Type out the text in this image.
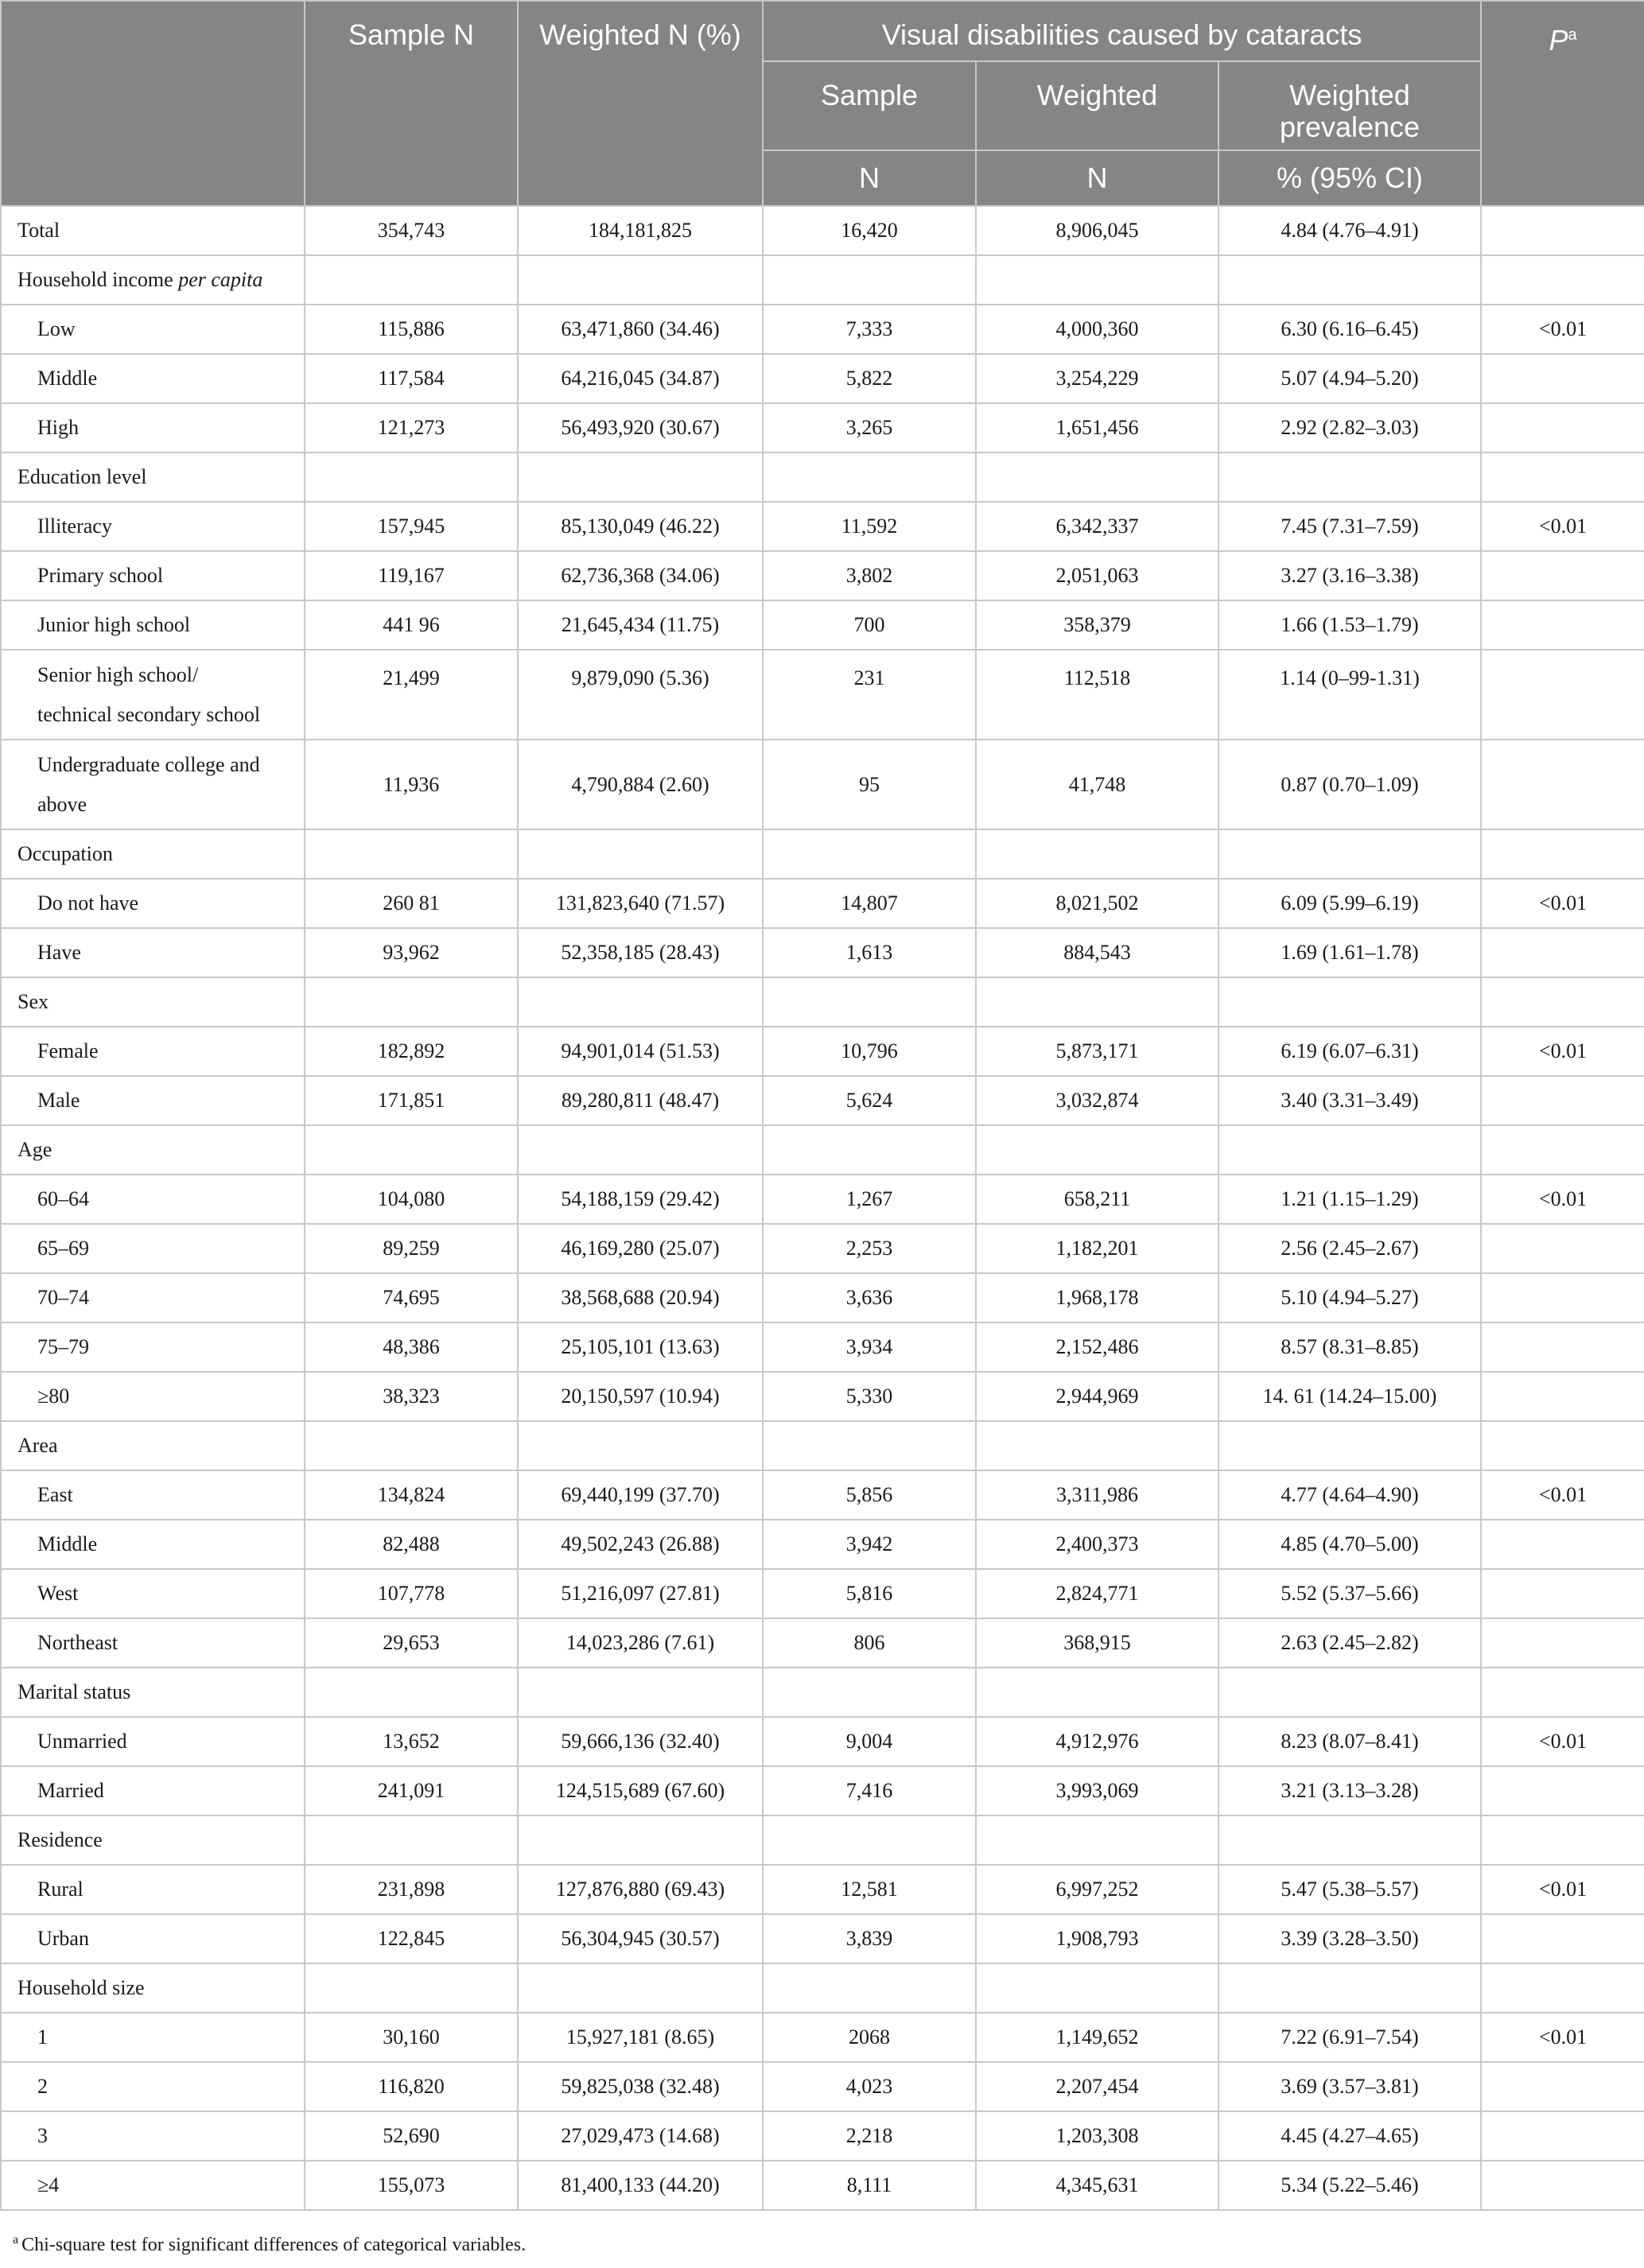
	Sample N	Weighted N (%)	Visual disabilities caused by cataracts			$P^a$
			Sample	Weighted	Weighted prevalence	
			N	N	% (95% CI)	
Total	354,743	184,181,825	16,420	8,906,045	4.84 (4.76–4.91)	
Household income per capita						
Low	115,886	63,471,860 (34.46)	7,333	4,000,360	6.30 (6.16–6.45)	<0.01
Middle	117,584	64,216,045 (34.87)	5,822	3,254,229	5.07 (4.94–5.20)	
High	121,273	56,493,920 (30.67)	3,265	1,651,456	2.92 (2.82–3.03)	
Education level						
Illiteracy	157,945	85,130,049 (46.22)	11,592	6,342,337	7.45 (7.31–7.59)	<0.01
Primary school	119,167	62,736,368 (34.06)	3,802	2,051,063	3.27 (3.16–3.38)	
Junior high school	441 96	21,645,434 (11.75)	700	358,379	1.66 (1.53–1.79)	
Senior high school/
technical secondary school	21,499	9,879,090 (5.36)	231	112,518	1.14 (0–99-1.31)	
Undergraduate college and
above	11,936	4,790,884 (2.60)	95	41,748	0.87 (0.70–1.09)	
Occupation						
Do not have	260 81	131,823,640 (71.57)	14,807	8,021,502	6.09 (5.99–6.19)	<0.01
Have	93,962	52,358,185 (28.43)	1,613	884,543	1.69 (1.61–1.78)	
Sex						
Female	182,892	94,901,014 (51.53)	10,796	5,873,171	6.19 (6.07–6.31)	<0.01
Male	171,851	89,280,811 (48.47)	5,624	3,032,874	3.40 (3.31–3.49)	
Age						
60–64	104,080	54,188,159 (29.42)	1,267	658,211	1.21 (1.15–1.29)	<0.01
65–69	89,259	46,169,280 (25.07)	2,253	1,182,201	2.56 (2.45–2.67)	
70–74	74,695	38,568,688 (20.94)	3,636	1,968,178	5.10 (4.94–5.27)	
75–79	48,386	25,105,101 (13.63)	3,934	2,152,486	8.57 (8.31–8.85)	
≥80	38,323	20,150,597 (10.94)	5,330	2,944,969	14. 61 (14.24–15.00)	
Area						
East	134,824	69,440,199 (37.70)	5,856	3,311,986	4.77 (4.64–4.90)	<0.01
Middle	82,488	49,502,243 (26.88)	3,942	2,400,373	4.85 (4.70–5.00)	
West	107,778	51,216,097 (27.81)	5,816	2,824,771	5.52 (5.37–5.66)	
Northeast	29,653	14,023,286 (7.61)	806	368,915	2.63 (2.45–2.82)	
Marital status						
Unmarried	13,652	59,666,136 (32.40)	9,004	4,912,976	8.23 (8.07–8.41)	<0.01
Married	241,091	124,515,689 (67.60)	7,416	3,993,069	3.21 (3.13–3.28)	
Residence						
Rural	231,898	127,876,880 (69.43)	12,581	6,997,252	5.47 (5.38–5.57)	<0.01
Urban	122,845	56,304,945 (30.57)	3,839	1,908,793	3.39 (3.28–3.50)	
Household size						
1	30,160	15,927,181 (8.65)	2068	1,149,652	7.22 (6.91–7.54)	<0.01
2	116,820	59,825,038 (32.48)	4,023	2,207,454	3.69 (3.57–3.81)	
3	52,690	27,029,473 (14.68)	2,218	1,203,308	4.45 (4.27–4.65)	
≥4	155,073	81,400,133 (44.20)	8,111	4,345,631	5.34 (5.22–5.46)	
$^a$ Chi-square test for significant differences of categorical variables.
